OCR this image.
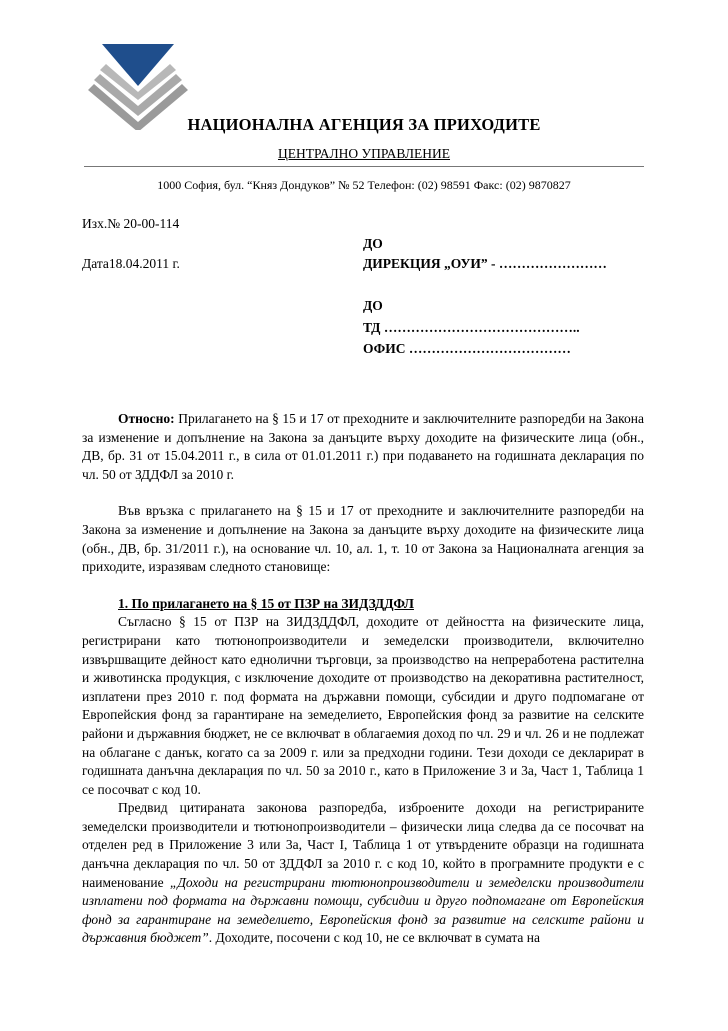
НАЦИОНАЛНА АГЕНЦИЯ ЗА ПРИХОДИТЕ
ЦЕНТРАЛНО УПРАВЛЕНИЕ
1000 София, бул. “Княз Дондуков” № 52 Телефон: (02) 98591 Факс: (02) 9870827
Изх.№ 20-00-114
Дата18.04.2011 г.
ДО
ДИРЕКЦИЯ „ОУИ” - ……………………
ДО
ТД ……………………………………..
ОФИС ………………………………

Относно: Прилагането на § 15 и 17 от преходните и заключителните разпоредби на Закона за изменение и допълнение на Закона за данъците върху доходите на физическите лица (обн., ДВ, бр. 31 от 15.04.2011 г., в сила от 01.01.2011 г.) при подаването на годишната декларация по чл. 50 от ЗДДФЛ за 2010 г.

Във връзка с прилагането на § 15 и 17 от преходните и заключителните разпоредби на Закона за изменение и допълнение на Закона за данъците върху доходите на физическите лица (обн., ДВ, бр. 31/2011 г.), на основание чл. 10, ал. 1, т. 10 от Закона за Националната агенция за приходите, изразявам следното становище:

1. По прилагането на § 15 от ПЗР на ЗИДЗДДФЛ

Съгласно § 15 от ПЗР на ЗИДЗДДФЛ, доходите от дейността на физическите лица, регистрирани като тютюнопроизводители и земеделски производители, включително извършващите дейност като еднолични търговци, за производство на непреработена растителна и животинска продукция, с изключение доходите от производство на декоративна растителност, изплатени през 2010 г. под формата на държавни помощи, субсидии и друго подпомагане от Европейския фонд за гарантиране на земеделието, Европейския фонд за развитие на селските райони и държавния бюджет, не се включват в облагаемия доход по чл. 29 и чл. 26 и не подлежат на облагане с данък, когато са за 2009 г. или за предходни години. Тези доходи се декларират в годишната данъчна декларация по чл. 50 за 2010 г., като в Приложение 3 и 3а, Част 1, Таблица 1 се посочват с код 10.

Предвид цитираната законова разпоредба, изброените доходи на регистрираните земеделски производители и тютюнопроизводители – физически лица следва да се посочват на отделен ред в Приложение 3 или 3а, Част I, Таблица 1 от утвърдените образци на годишната данъчна декларация по чл. 50 от ЗДДФЛ за 2010 г. с код 10, който в програмните продукти е с наименование „Доходи на регистрирани тютюнопроизводители и земеделски производители изплатени под формата на държавни помощи, субсидии и друго подпомагане от Европейския фонд за гарантиране на земеделието, Европейския фонд за развитие на селските райони и държавния бюджет”. Доходите, посочени с код 10, не се включват в сумата на
